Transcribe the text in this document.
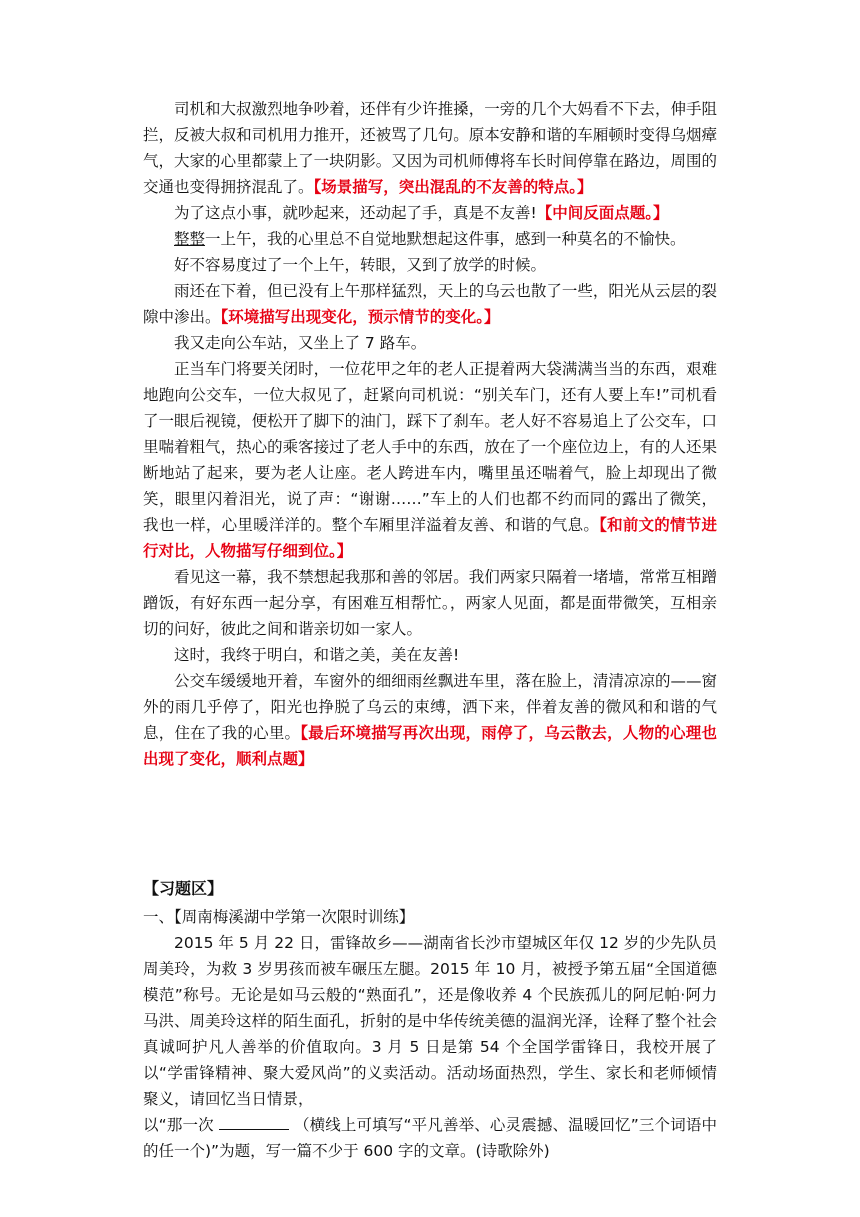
司机和大叔激烈地争吵着，还伴有少许推搡，一旁的几个大妈看不下去，伸手阻拦，反被大叔和司机用力推开，还被骂了几句。原本安静和谐的车厢顿时变得乌烟瘴气，大家的心里都蒙上了一块阴影。又因为司机师傅将车长时间停靠在路边，周围的交通也变得拥挤混乱了。【场景描写，突出混乱的不友善的特点。】

为了这点小事，就吵起来，还动起了手，真是不友善!【中间反面点题。】

整整一上午，我的心里总不自觉地默想起这件事，感到一种莫名的不愉快。

好不容易度过了一个上午，转眼，又到了放学的时候。

雨还在下着，但已没有上午那样猛烈，天上的乌云也散了一些，阳光从云层的裂隙中渗出。【环境描写出现变化，预示情节的变化。】

我又走向公车站，又坐上了 7 路车。

正当车门将要关闭时，一位花甲之年的老人正提着两大袋满满当当的东西，艰难地跑向公交车，一位大叔见了，赶紧向司机说：“别关车门，还有人要上车!”司机看了一眼后视镜，便松开了脚下的油门，踩下了刹车。老人好不容易追上了公交车，口里喘着粗气，热心的乘客接过了老人手中的东西，放在了一个座位边上，有的人还果断地站了起来，要为老人让座。老人跨进车内，嘴里虽还喘着气，脸上却现出了微笑，眼里闪着泪光，说了声：“谢谢……”车上的人们也都不约而同的露出了微笑，我也一样，心里暖洋洋的。整个车厢里洋溢着友善、和谐的气息。【和前文的情节进行对比，人物描写仔细到位。】

看见这一幕，我不禁想起我那和善的邻居。我们两家只隔着一堵墙，常常互相蹭蹭饭，有好东西一起分享，有困难互相帮忙。，两家人见面，都是面带微笑，互相亲切的问好，彼此之间和谐亲切如一家人。

这时，我终于明白，和谐之美，美在友善!

公交车缓缓地开着，车窗外的细细雨丝飘进车里，落在脸上，清清凉凉的——窗外的雨几乎停了，阳光也挣脱了乌云的束缚，洒下来，伴着友善的微风和和谐的气息，住在了我的心里。【最后环境描写再次出现，雨停了，乌云散去，人物的心理也出现了变化，顺利点题】

【习题区】

一、【周南梅溪湖中学第一次限时训练】

2015 年 5 月 22 日，雷锋故乡——湖南省长沙市望城区年仅 12 岁的少先队员周美玲，为救 3 岁男孩而被车碾压左腿。2015 年 10 月，被授予第五届“全国道德模范”称号。无论是如马云般的“熟面孔”，还是像收养 4 个民族孤儿的阿尼帕·阿力马洪、周美玲这样的陌生面孔，折射的是中华传统美德的温润光泽，诠释了整个社会真诚呵护凡人善举的价值取向。3 月 5 日是第 54 个全国学雷锋日，我校开展了以“学雷锋精神、聚大爱风尚”的义卖活动。活动场面热烈，学生、家长和老师倾情聚义，请回忆当日情景，

以“那一次	（横线上可填写“平凡善举、心灵震撼、温暖回忆”三个词语中的任一个)”为题，写一篇不少于 600 字的文章。(诗歌除外)
